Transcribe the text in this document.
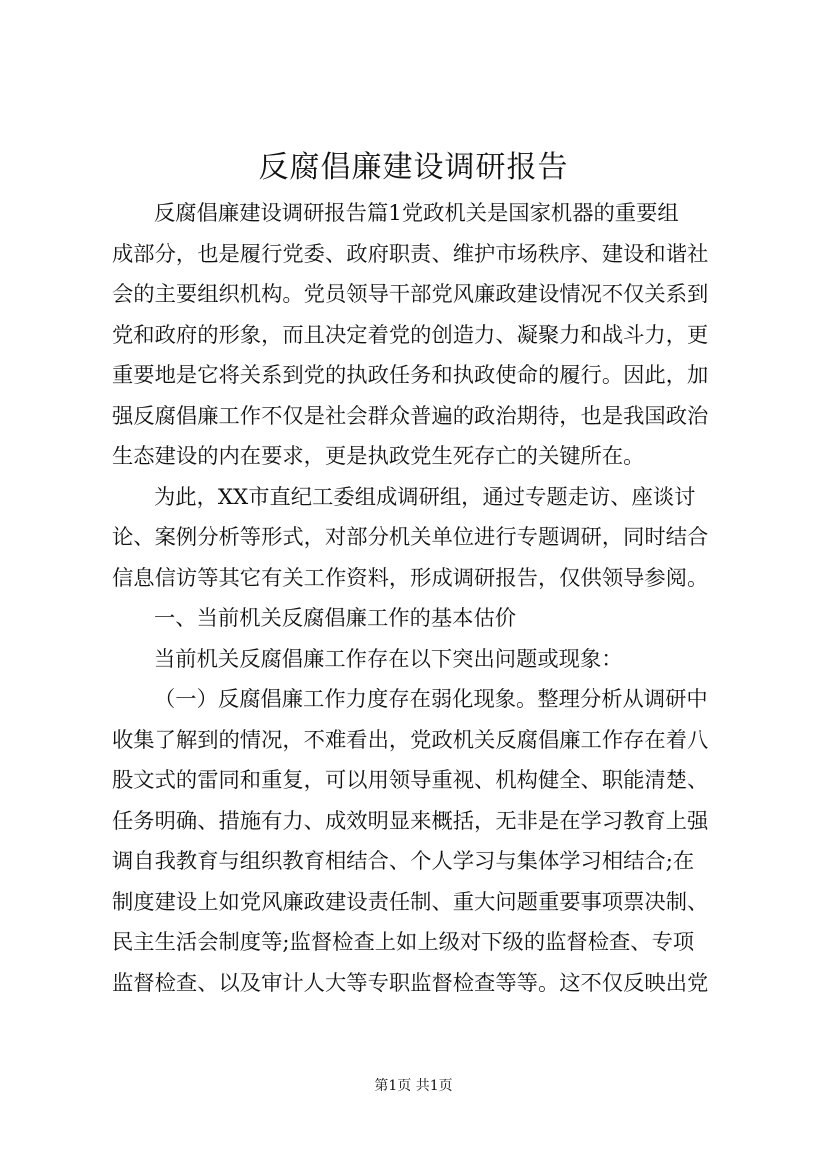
反腐倡廉建设调研报告
反腐倡廉建设调研报告篇1党政机关是国家机器的重要组
成部分，也是履行党委、政府职责、维护市场秩序、建设和谐社
会的主要组织机构。党员领导干部党风廉政建设情况不仅关系到
党和政府的形象，而且决定着党的创造力、凝聚力和战斗力，更
重要地是它将关系到党的执政任务和执政使命的履行。因此，加
强反腐倡廉工作不仅是社会群众普遍的政治期待，也是我国政治
生态建设的内在要求，更是执政党生死存亡的关键所在。
为此，XX市直纪工委组成调研组，通过专题走访、座谈讨
论、案例分析等形式，对部分机关单位进行专题调研，同时结合
信息信访等其它有关工作资料，形成调研报告，仅供领导参阅。
一、当前机关反腐倡廉工作的基本估价
当前机关反腐倡廉工作存在以下突出问题或现象：
（一）反腐倡廉工作力度存在弱化现象。整理分析从调研中
收集了解到的情况，不难看出，党政机关反腐倡廉工作存在着八
股文式的雷同和重复，可以用领导重视、机构健全、职能清楚、
任务明确、措施有力、成效明显来概括，无非是在学习教育上强
调自我教育与组织教育相结合、个人学习与集体学习相结合;在
制度建设上如党风廉政建设责任制、重大问题重要事项票决制、
民主生活会制度等;监督检查上如上级对下级的监督检查、专项
监督检查、以及审计人大等专职监督检查等等。这不仅反映出党
第1页 共1页
